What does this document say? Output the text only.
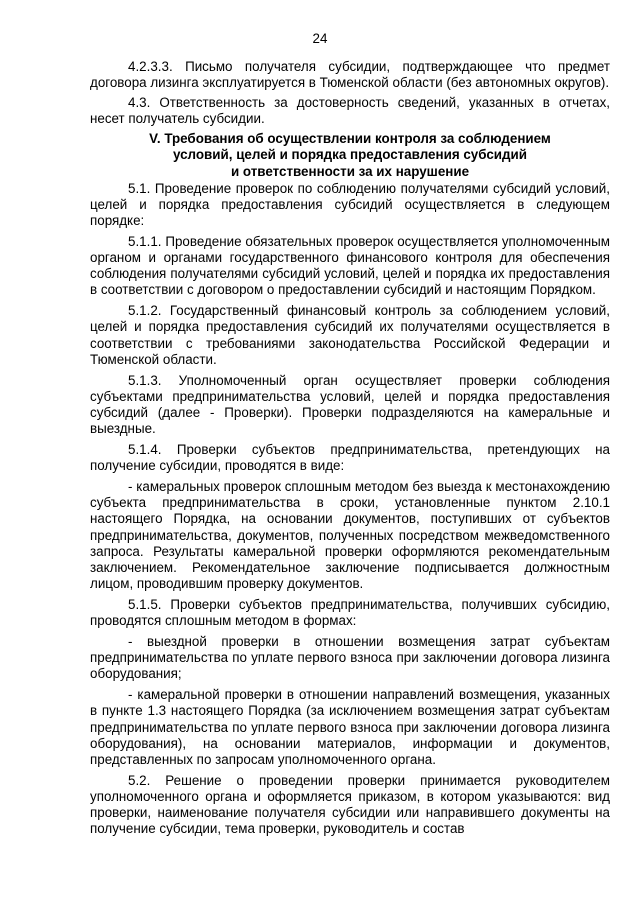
24

4.2.3.3. Письмо получателя субсидии, подтверждающее что предмет договора лизинга эксплуатируется в Тюменской области (без автономных округов).

4.3. Ответственность за достоверность сведений, указанных в отчетах, несет получатель субсидии.

V. Требования об осуществлении контроля за соблюдением
условий, целей и порядка предоставления субсидий
и ответственности за их нарушение

5.1. Проведение проверок по соблюдению получателями субсидий условий, целей и порядка предоставления субсидий осуществляется в следующем порядке:

5.1.1. Проведение обязательных проверок осуществляется уполномоченным органом и органами государственного финансового контроля для обеспечения соблюдения получателями субсидий условий, целей и порядка их предоставления в соответствии с договором о предоставлении субсидий и настоящим Порядком.

5.1.2. Государственный финансовый контроль за соблюдением условий, целей и порядка предоставления субсидий их получателями осуществляется в соответствии с требованиями законодательства Российской Федерации и Тюменской области.

5.1.3. Уполномоченный орган осуществляет проверки соблюдения субъектами предпринимательства условий, целей и порядка предоставления субсидий (далее - Проверки). Проверки подразделяются на камеральные и выездные.

5.1.4. Проверки субъектов предпринимательства, претендующих на получение субсидии, проводятся в виде:

- камеральных проверок сплошным методом без выезда к местонахождению субъекта предпринимательства в сроки, установленные пунктом 2.10.1 настоящего Порядка, на основании документов, поступивших от субъектов предпринимательства, документов, полученных посредством межведомственного запроса. Результаты камеральной проверки оформляются рекомендательным заключением. Рекомендательное заключение подписывается должностным лицом, проводившим проверку документов.

5.1.5. Проверки субъектов предпринимательства, получивших субсидию, проводятся сплошным методом в формах:

- выездной проверки в отношении возмещения затрат субъектам предпринимательства по уплате первого взноса при заключении договора лизинга оборудования;

- камеральной проверки в отношении направлений возмещения, указанных в пункте 1.3 настоящего Порядка (за исключением возмещения затрат субъектам предпринимательства по уплате первого взноса при заключении договора лизинга оборудования), на основании материалов, информации и документов, представленных по запросам уполномоченного органа.

5.2. Решение о проведении проверки принимается руководителем уполномоченного органа и оформляется приказом, в котором указываются: вид проверки, наименование получателя субсидии или направившего документы на получение субсидии, тема проверки, руководитель и состав
